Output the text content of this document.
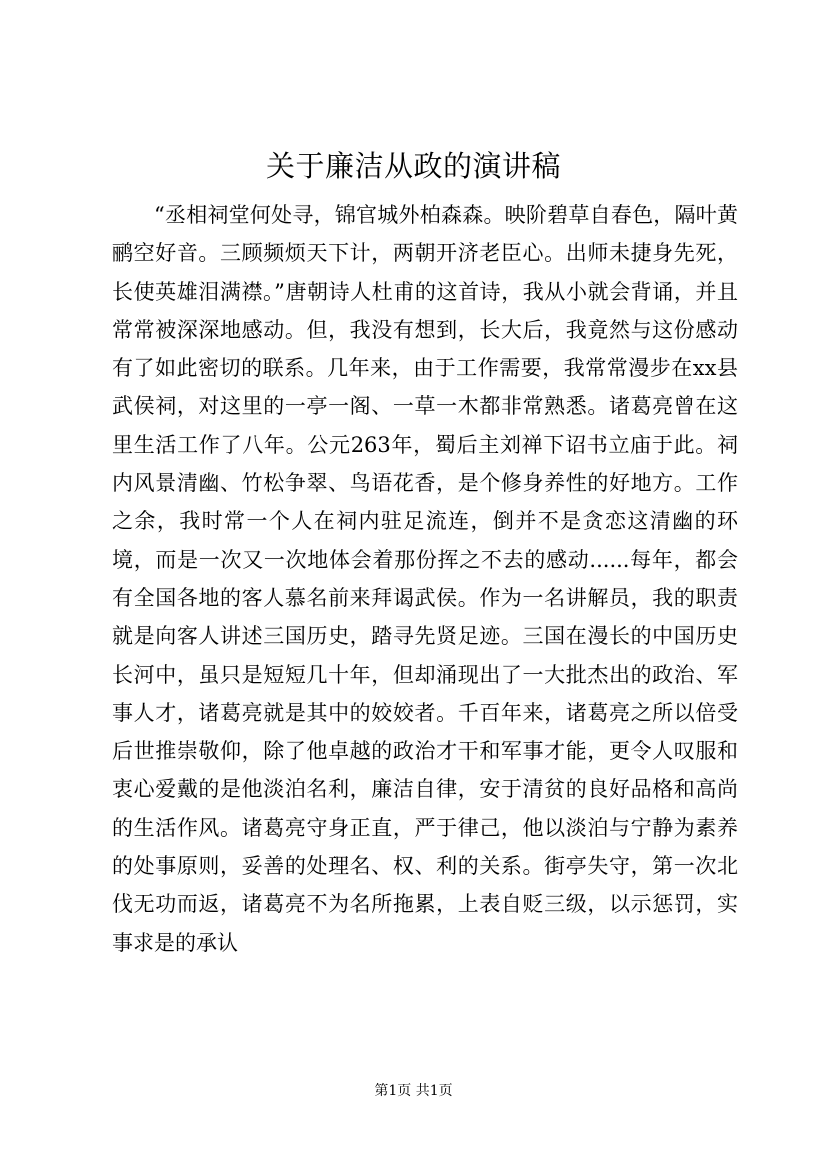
关于廉洁从政的演讲稿

“丞相祠堂何处寻，锦官城外柏森森。映阶碧草自春色，隔叶黄鹂空好音。三顾频烦天下计，两朝开济老臣心。出师未捷身先死，长使英雄泪满襟。”唐朝诗人杜甫的这首诗，我从小就会背诵，并且常常被深深地感动。但，我没有想到，长大后，我竟然与这份感动有了如此密切的联系。几年来，由于工作需要，我常常漫步在xx县武侯祠，对这里的一亭一阁、一草一木都非常熟悉。诸葛亮曾在这里生活工作了八年。公元263年，蜀后主刘禅下诏书立庙于此。祠内风景清幽、竹松争翠、鸟语花香，是个修身养性的好地方。工作之余，我时常一个人在祠内驻足流连，倒并不是贪恋这清幽的环境，而是一次又一次地体会着那份挥之不去的感动......每年，都会有全国各地的客人慕名前来拜谒武侯。作为一名讲解员，我的职责就是向客人讲述三国历史，踏寻先贤足迹。三国在漫长的中国历史长河中，虽只是短短几十年，但却涌现出了一大批杰出的政治、军事人才，诸葛亮就是其中的姣姣者。千百年来，诸葛亮之所以倍受后世推崇敬仰，除了他卓越的政治才干和军事才能，更令人叹服和衷心爱戴的是他淡泊名利，廉洁自律，安于清贫的良好品格和高尚的生活作风。诸葛亮守身正直，严于律己，他以淡泊与宁静为素养的处事原则，妥善的处理名、权、利的关系。街亭失守，第一次北伐无功而返，诸葛亮不为名所拖累，上表自贬三级，以示惩罚，实事求是的承认

第1页 共1页
